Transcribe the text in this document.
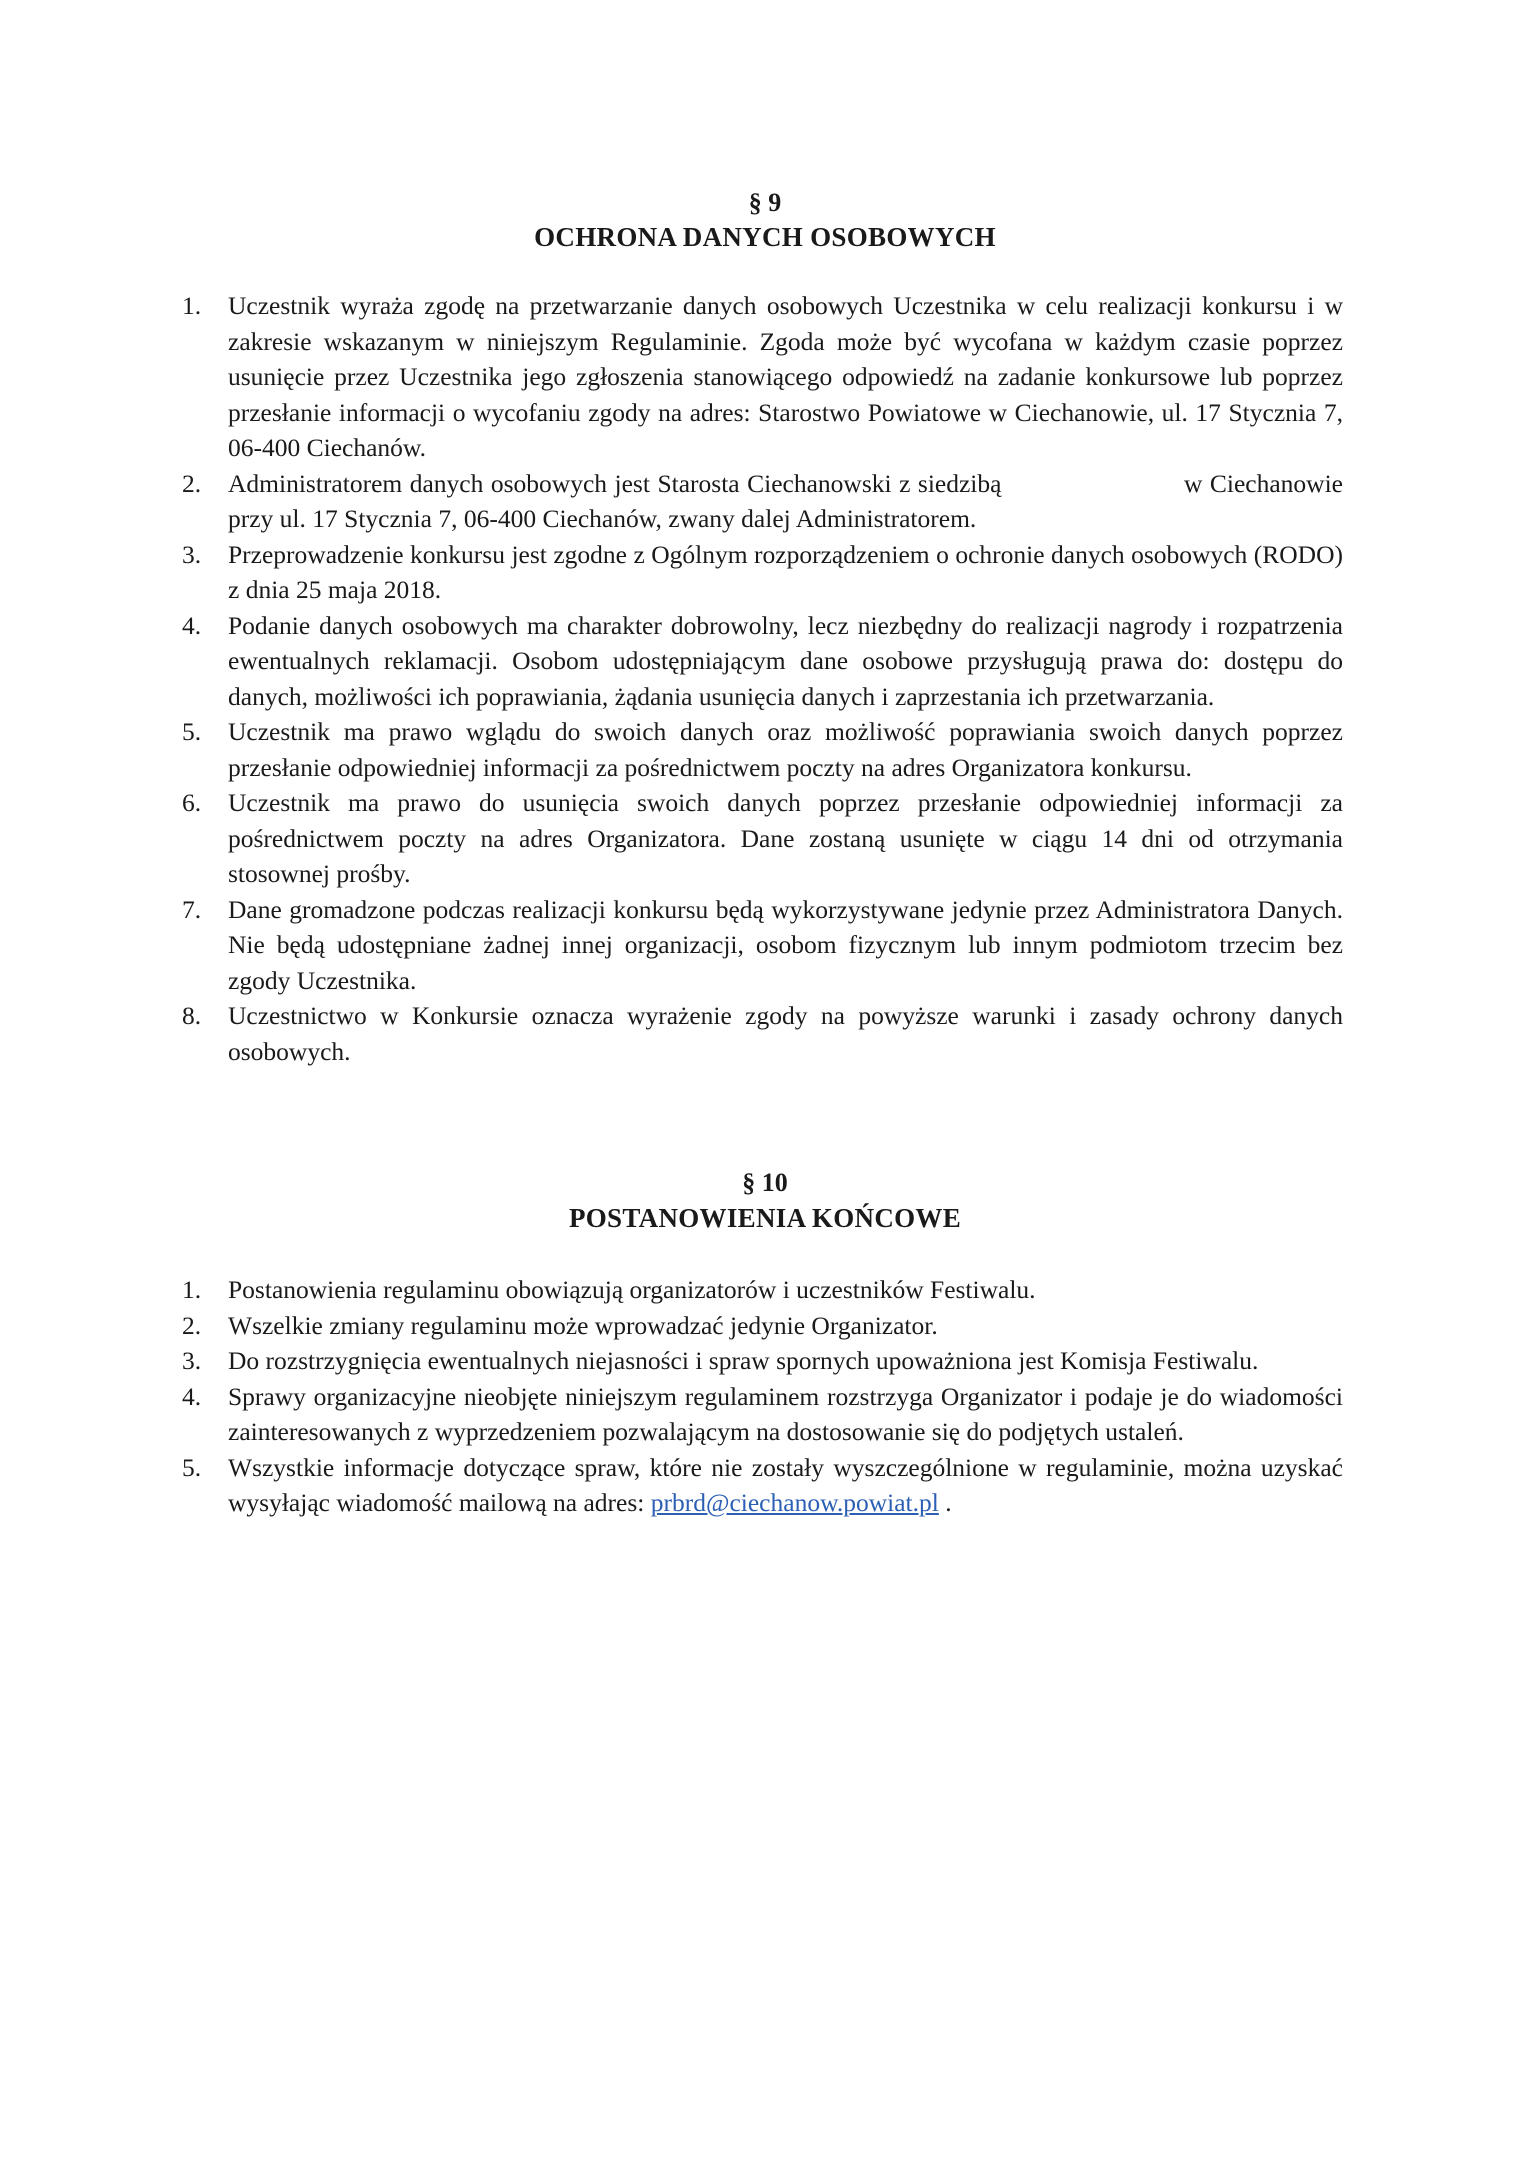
§ 9
OCHRONA DANYCH OSOBOWYCH
1.	Uczestnik wyraża zgodę na przetwarzanie danych osobowych Uczestnika w celu realizacji konkursu i w zakresie wskazanym w niniejszym Regulaminie. Zgoda może być wycofana w każdym czasie poprzez usunięcie przez Uczestnika jego zgłoszenia stanowiącego odpowiedź na zadanie konkursowe lub poprzez przesłanie informacji o wycofaniu zgody na adres: Starostwo Powiatowe w Ciechanowie, ul. 17 Stycznia 7, 06-400 Ciechanów.
2.	Administratorem danych osobowych jest Starosta Ciechanowski z siedzibą	w Ciechanowie przy ul. 17 Stycznia 7, 06-400 Ciechanów, zwany dalej Administratorem.
3.	Przeprowadzenie konkursu jest zgodne z Ogólnym rozporządzeniem o ochronie danych osobowych (RODO) z dnia 25 maja 2018.
4.	Podanie danych osobowych ma charakter dobrowolny, lecz niezbędny do realizacji nagrody i rozpatrzenia ewentualnych reklamacji. Osobom udostępniającym dane osobowe przysługują prawa do: dostępu do danych, możliwości ich poprawiania, żądania usunięcia danych i zaprzestania ich przetwarzania.
5.	Uczestnik ma prawo wglądu do swoich danych oraz możliwość poprawiania swoich danych poprzez przesłanie odpowiedniej informacji za pośrednictwem poczty na adres Organizatora konkursu.
6.	Uczestnik ma prawo do usunięcia swoich danych poprzez przesłanie odpowiedniej informacji za pośrednictwem poczty na adres Organizatora. Dane zostaną usunięte w ciągu 14 dni od otrzymania stosownej prośby.
7.	Dane gromadzone podczas realizacji konkursu będą wykorzystywane jedynie przez Administratora Danych. Nie będą udostępniane żadnej innej organizacji, osobom fizycznym lub innym podmiotom trzecim bez zgody Uczestnika.
8.	Uczestnictwo w Konkursie oznacza wyrażenie zgody na powyższe warunki i zasady ochrony danych osobowych.
§ 10
POSTANOWIENIA KOŃCOWE
1.	Postanowienia regulaminu obowiązują organizatorów i uczestników Festiwalu.
2.	Wszelkie zmiany regulaminu może wprowadzać jedynie Organizator.
3.	Do rozstrzygnięcia ewentualnych niejasności i spraw spornych upoważniona jest Komisja Festiwalu.
4.	Sprawy organizacyjne nieobjęte niniejszym regulaminem rozstrzyga Organizator i podaje je do wiadomości zainteresowanych z wyprzedzeniem pozwalającym na dostosowanie się do podjętych ustaleń.
5.	Wszystkie informacje dotyczące spraw, które nie zostały wyszczególnione w regulaminie, można uzyskać wysyłając wiadomość mailową na adres: prbrd@ciechanow.powiat.pl .
